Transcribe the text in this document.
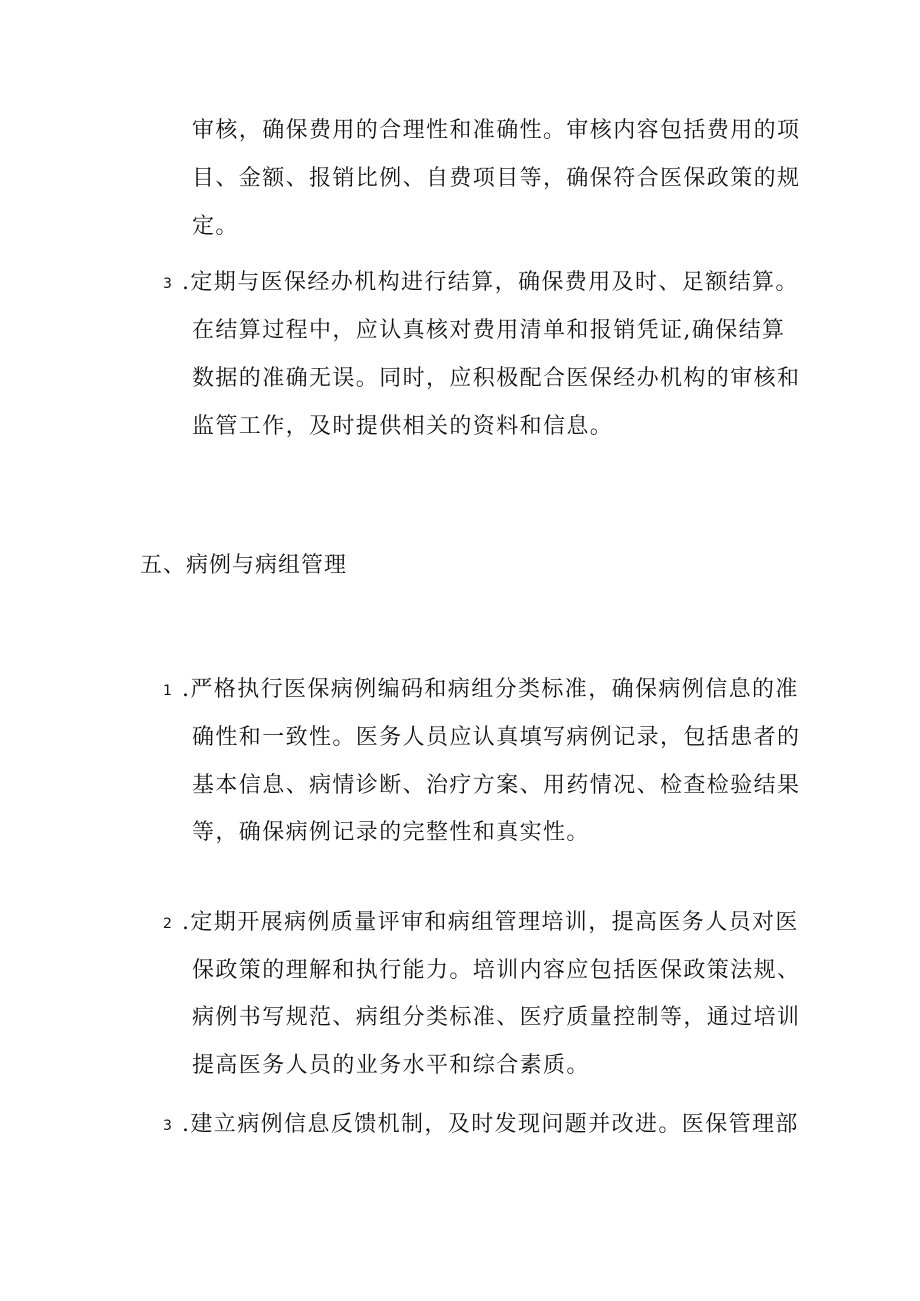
审核，确保费用的合理性和准确性。审核内容包括费用的项
目、金额、报销比例、自费项目等，确保符合医保政策的规
定。
3 .定期与医保经办机构进行结算，确保费用及时、足额结算。
在结算过程中，应认真核对费用清单和报销凭证,确保结算
数据的准确无误。同时，应积极配合医保经办机构的审核和
监管工作，及时提供相关的资料和信息。
五、病例与病组管理
1 .严格执行医保病例编码和病组分类标准，确保病例信息的准
确性和一致性。医务人员应认真填写病例记录，包括患者的
基本信息、病情诊断、治疗方案、用药情况、检查检验结果
等，确保病例记录的完整性和真实性。
2 .定期开展病例质量评审和病组管理培训，提高医务人员对医
保政策的理解和执行能力。培训内容应包括医保政策法规、
病例书写规范、病组分类标准、医疗质量控制等，通过培训
提高医务人员的业务水平和综合素质。
3 .建立病例信息反馈机制，及时发现问题并改进。医保管理部
